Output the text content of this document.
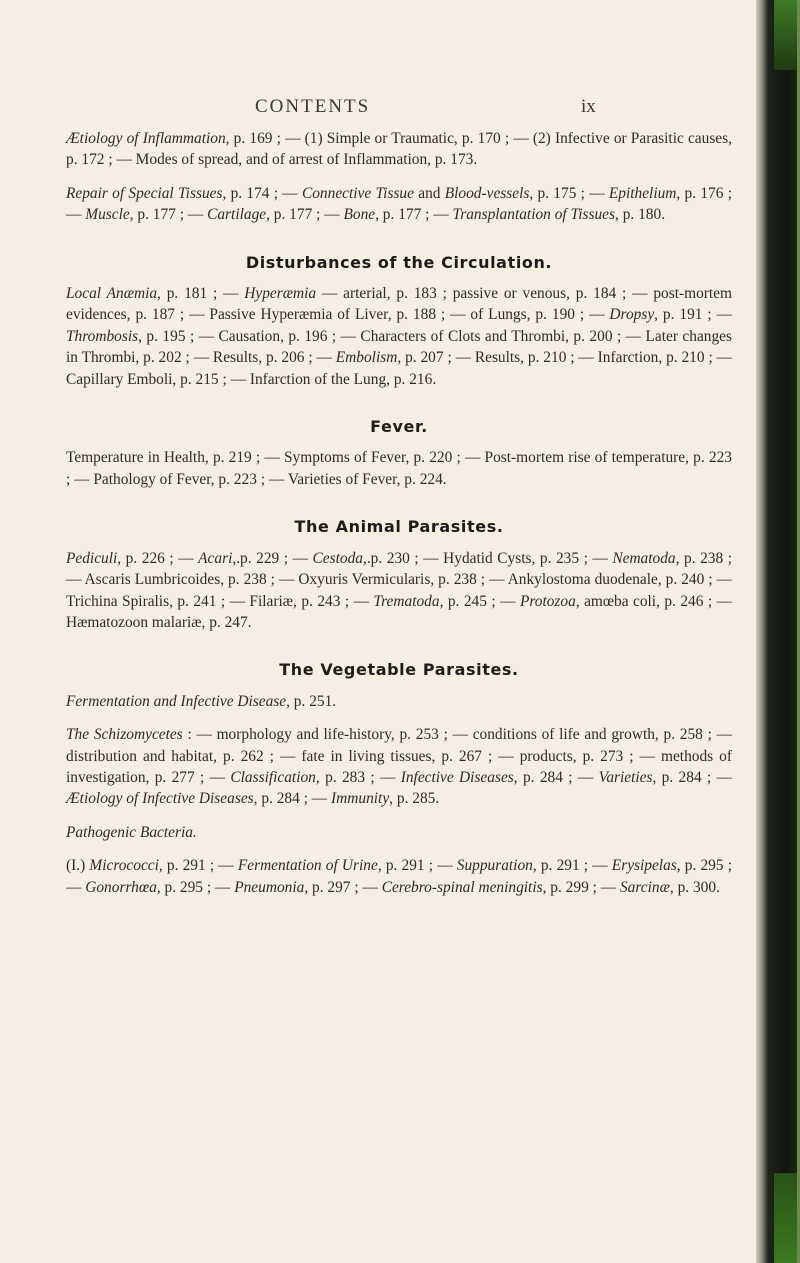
CONTENTS	ix

Ætiology of Inflammation, p. 169 ; — (1) Simple or Traumatic, p. 170 ; — (2) Infective or Parasitic causes, p. 172 ; — Modes of spread, and of arrest of Inflammation, p. 173.

Repair of Special Tissues, p. 174 ; — Connective Tissue and Blood-vessels, p. 175 ; — Epithelium, p. 176 ; — Muscle, p. 177 ; — Cartilage, p. 177 ; — Bone, p. 177 ; — Transplantation of Tissues, p. 180.

Disturbances of the Circulation.

Local Anæmia, p. 181 ; — Hyperæmia — arterial, p. 183 ; passive or venous, p. 184 ; — post-mortem evidences, p. 187 ; — Passive Hyperæmia of Liver, p. 188 ; — of Lungs, p. 190 ; — Dropsy, p. 191 ; — Thrombosis, p. 195 ; — Causation, p. 196 ; — Characters of Clots and Thrombi, p. 200 ; — Later changes in Thrombi, p. 202 ; — Results, p. 206 ; — Embolism, p. 207 ; — Results, p. 210 ; — Infarction, p. 210 ; — Capillary Emboli, p. 215 ; — Infarction of the Lung, p. 216.

Fever.

Temperature in Health, p. 219 ; — Symptoms of Fever, p. 220 ; — Post-mortem rise of temperature, p. 223 ; — Pathology of Fever, p. 223 ; — Varieties of Fever, p. 224.

The Animal Parasites.

Pediculi, p. 226 ; — Acari,.p. 229 ; — Cestoda,.p. 230 ; — Hydatid Cysts, p. 235 ; — Nematoda, p. 238 ; — Ascaris Lumbricoides, p. 238 ; — Oxyuris Vermicularis, p. 238 ; — Ankylostoma duodenale, p. 240 ; — Trichina Spiralis, p. 241 ; — Filariæ, p. 243 ; — Trematoda, p. 245 ; — Protozoa, amœba coli, p. 246 ; — Hæmatozoon malariæ, p. 247.

The Vegetable Parasites.

Fermentation and Infective Disease, p. 251.

The Schizomycetes : — morphology and life-history, p. 253 ; — conditions of life and growth, p. 258 ; — distribution and habitat, p. 262 ; — fate in living tissues, p. 267 ; — products, p. 273 ; — methods of investigation, p. 277 ; — Classification, p. 283 ; — Infective Diseases, p. 284 ; — Varieties, p. 284 ; — Ætiology of Infective Diseases, p. 284 ; — Immunity, p. 285.

Pathogenic Bacteria.

(I.) Micrococci, p. 291 ; — Fermentation of Urine, p. 291 ; — Suppuration, p. 291 ; — Erysipelas, p. 295 ; — Gonorrhœa, p. 295 ; — Pneumonia, p. 297 ; — Cerebro-spinal meningitis, p. 299 ; — Sarcinæ, p. 300.
